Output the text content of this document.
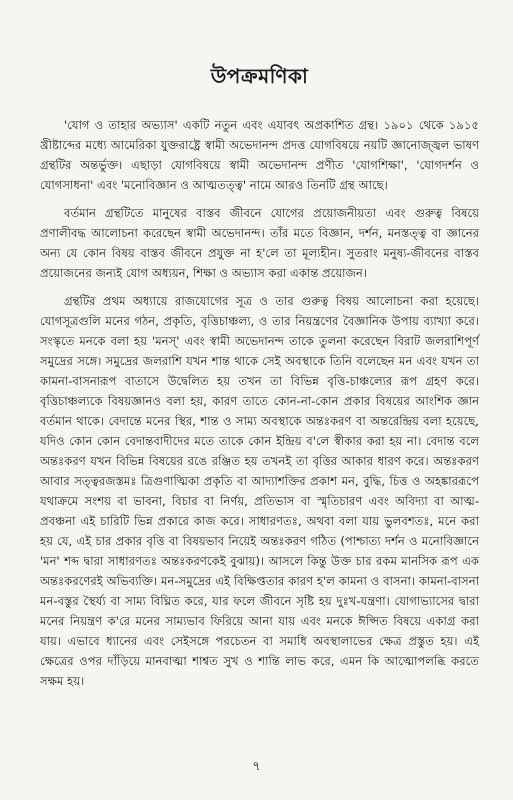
উপক্রমণিকা

'যোগ ও তাহার অভ্যাস' একটি নতুন এবং এযাবৎ অপ্রকাশিত গ্রন্থ। ১৯০১ থেকে ১৯১৫ খ্রীষ্টাব্দের মধ্যে আমেরিকা যুক্তরাষ্ট্রে স্বামী অভেদানন্দ প্রদত্ত যোগবিষয়ে নয়টি জ্ঞানোজ্জ্বল ভাষণ গ্রন্থটির অন্তর্ভুক্ত। এছাড়া যোগবিষয়ে স্বামী অভেদানন্দ প্রণীত 'যোগশিক্ষা', 'যোগদর্শন ও যোগসাধনা' এবং 'মনোবিজ্ঞান ও আত্মতত্ত্ব' নামে আরও তিনটি গ্রন্থ আছে।

বর্তমান গ্রন্থটিতে মানুষের বাস্তব জীবনে যোগের প্রয়োজনীয়তা এবং গুরুত্ব বিষয়ে প্রণালীবদ্ধ আলোচনা করেছেন স্বামী অভেদানন্দ। তাঁর মতে বিজ্ঞান, দর্শন, মনস্তত্ত্ব বা জ্ঞানের অন্য যে কোন বিষয় বাস্তব জীবনে প্রযুক্ত না হ'লে তা মূল্যহীন। সুতরাং মনুষ্য-জীবনের বাস্তব প্রয়োজনের জন্যই যোগ অধ্যয়ন, শিক্ষা ও অভ্যাস করা একান্ত প্রয়োজন।

গ্রন্থটির প্রথম অধ্যায়ে রাজযোগের সূত্র ও তার গুরুত্ব বিষয় আলোচনা করা হয়েছে। যোগসূত্রগুলি মনের গঠন, প্রকৃতি, বৃত্তিচাঞ্চল্য, ও তার নিয়ন্ত্রণের বৈজ্ঞানিক উপায় ব্যাখ্যা করে। সংস্কৃতে মনকে বলা হয় 'মনস্' এবং স্বামী অভেদানন্দ তাকে তুলনা করেছেন বিরাট জলরাশিপূর্ণ সমুদ্রের সঙ্গে। সমুদ্রের জলরাশি যখন শান্ত থাকে সেই অবস্থাকে তিনি বলেছেন মন এবং যখন তা কামনা-বাসনারূপ বাতাসে উদ্বেলিত হয় তখন তা বিভিন্ন বৃত্তি-চাঞ্চল্যের রূপ গ্রহণ করে। বৃত্তিচাঞ্চল্যকে বিষয়জ্ঞানও বলা হয়, কারণ তাতে কোন-না-কোন প্রকার বিষয়ের আংশিক জ্ঞান বর্তমান থাকে। বেদান্তে মনের স্থির, শান্ত ও সাম্য অবস্থাকে অন্তঃকরণ বা অন্তরেন্দ্রিয় বলা হয়েছে, যদিও কোন কোন বেদান্তবাদীদের মতে তাকে কোন ইন্দ্রিয় ব'লে স্বীকার করা হয় না। বেদান্ত বলে অন্তঃকরণ যখন বিভিন্ন বিষয়ের রঙে রঞ্জিত হয় তখনই তা বৃত্তির আকার ধারণ করে। অন্তঃকরণ আবার সত্ত্বরজস্তমঃ ত্রিগুণাত্মিকা প্রকৃতি বা আদ্যাশক্তির প্রকাশ মন, বুদ্ধি, চিত্ত ও অহঙ্কাররূপে যথাক্রমে সংশয় বা ভাবনা, বিচার বা নির্ণয়, প্রতিভাস বা স্মৃতিচারণ এবং অবিদ্যা বা আত্ম-প্রবঞ্চনা এই চারিটি ভিন্ন প্রকারে কাজ করে। সাধারণতঃ, অথবা বলা যায় ভুলবশতঃ, মনে করা হয় যে, এই চার প্রকার বৃত্তি বা বিষয়ভাব নিয়েই অন্তঃকরণ গঠিত (পাশ্চাত্য দর্শন ও মনোবিজ্ঞানে 'মন' শব্দ দ্বারা সাধারণতঃ অন্তঃকরণকেই বুঝায়)। আসলে কিন্তু উক্ত চার রকম মানসিক রূপ এক অন্তঃকরণেরই অভিব্যক্তি। মন-সমুদ্রের এই বিক্ষিপ্ততার কারণ হ'ল কামনা ও বাসনা। কামনা-বাসনা মন-বস্তুর স্থৈর্য্য বা সাম্য বিঘ্নিত করে, যার ফলে জীবনে সৃষ্টি হয় দুঃখ-যন্ত্রণা। যোগাভ্যাসের দ্বারা মনের নিয়ন্ত্রণ ক'রে মনের সাম্যভাব ফিরিয়ে আনা যায় এবং মনকে ঈপ্সিত বিষয়ে একাগ্র করা যায়। এভাবে ধ্যানের এবং সেইসঙ্গে পরচেতন বা সমাধি অবস্থালাভের ক্ষেত্র প্রস্তুত হয়। এই ক্ষেত্রের ওপর দাঁড়িয়ে মানবাত্মা শাশ্বত সুখ ও শান্তি লাভ করে, এমন কি আত্মোপলব্ধি করতে সক্ষম হয়।

৭
